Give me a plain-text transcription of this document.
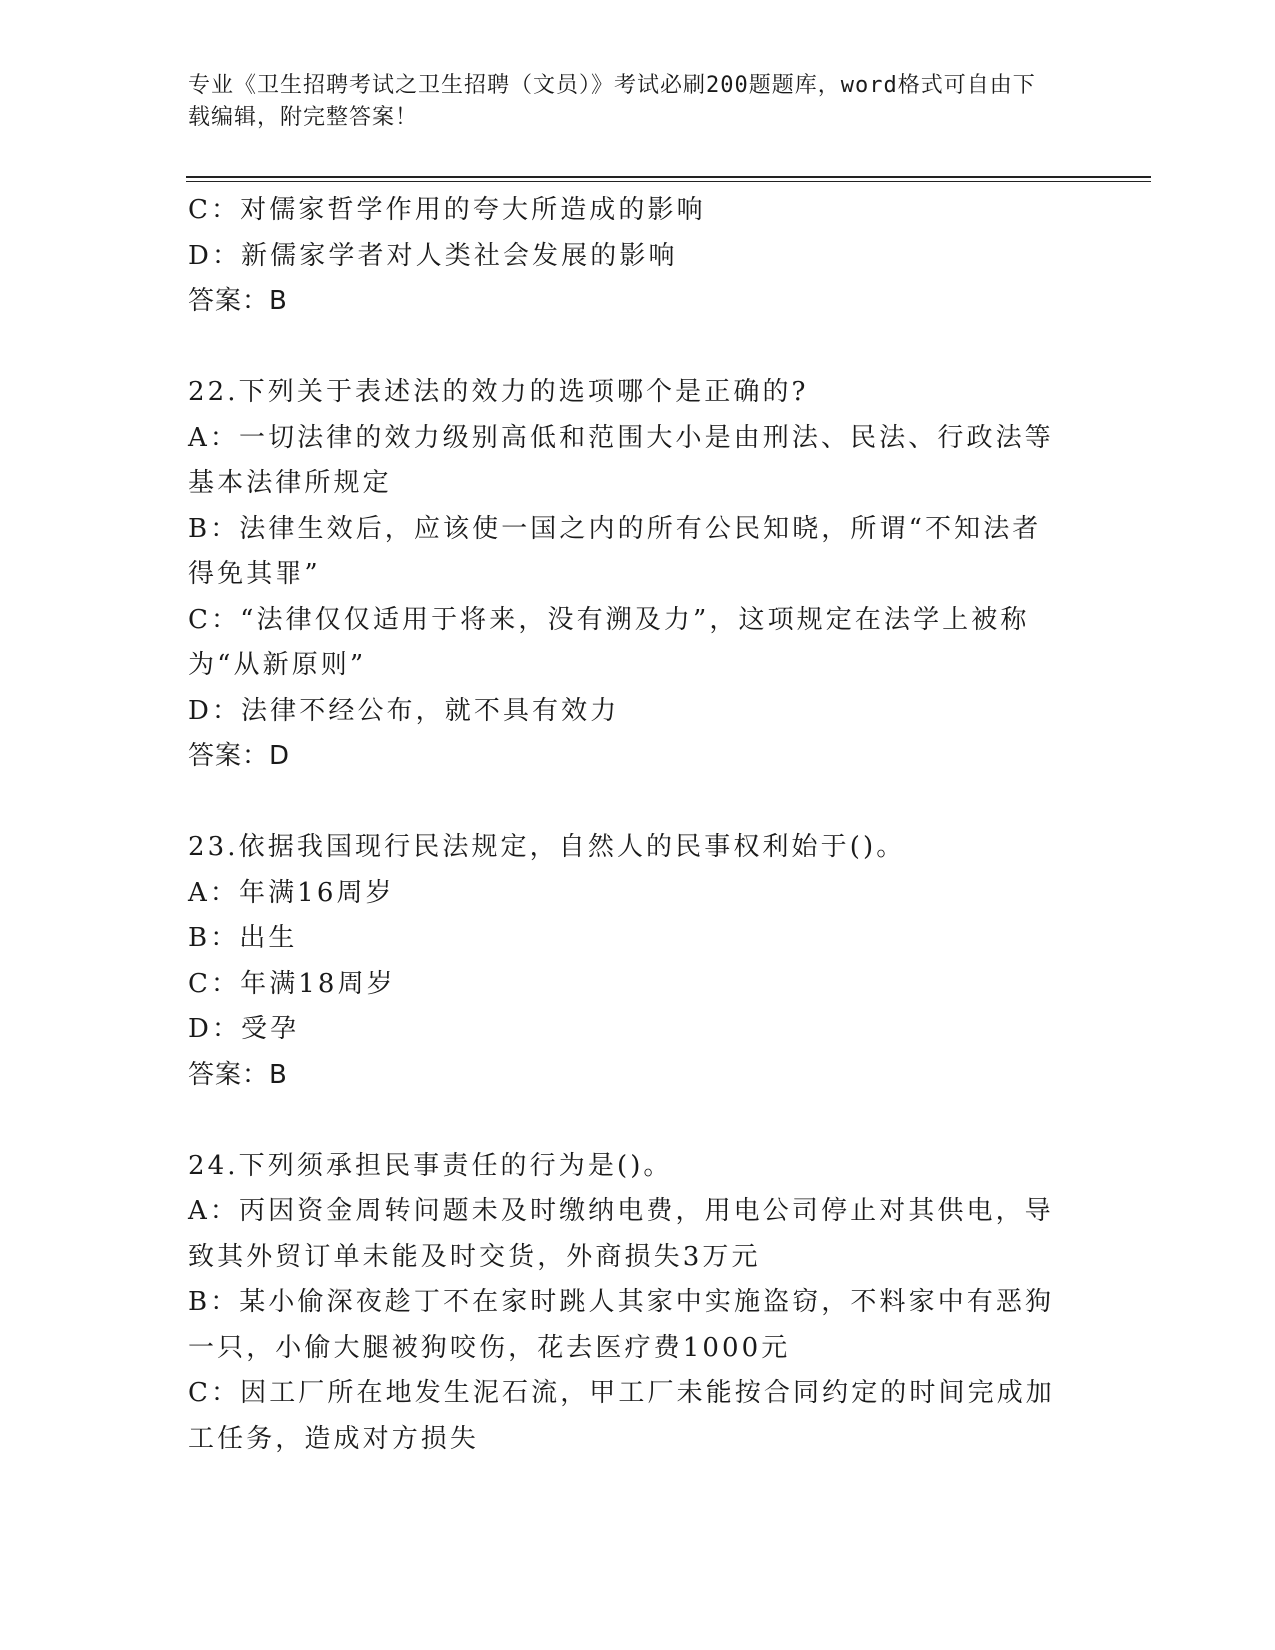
专业《卫生招聘考试之卫生招聘（文员）》考试必刷200题题库，word格式可自由下载编辑，附完整答案！

C：对儒家哲学作用的夸大所造成的影响

D：新儒家学者对人类社会发展的影响

答案：B

22.下列关于表述法的效力的选项哪个是正确的?

A：一切法律的效力级别高低和范围大小是由刑法、民法、行政法等基本法律所规定

B：法律生效后，应该使一国之内的所有公民知晓，所谓“不知法者得免其罪”

C：“法律仅仅适用于将来，没有溯及力”，这项规定在法学上被称为“从新原则”

D：法律不经公布，就不具有效力

答案：D

23.依据我国现行民法规定，自然人的民事权利始于()。

A：年满16周岁

B：出生

C：年满18周岁

D：受孕

答案：B

24.下列须承担民事责任的行为是()。

A：丙因资金周转问题未及时缴纳电费，用电公司停止对其供电，导致其外贸订单未能及时交货，外商损失3万元

B：某小偷深夜趁丁不在家时跳人其家中实施盗窃，不料家中有恶狗一只，小偷大腿被狗咬伤，花去医疗费1000元

C：因工厂所在地发生泥石流，甲工厂未能按合同约定的时间完成加工任务，造成对方损失
